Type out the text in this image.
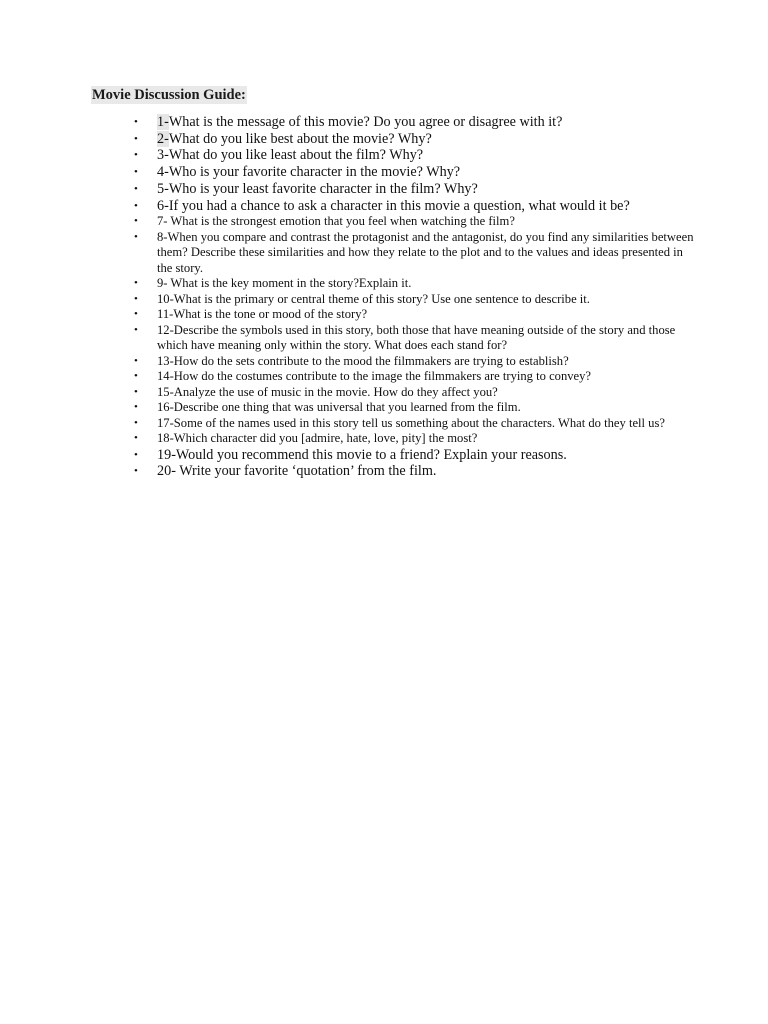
Movie Discussion Guide:
• 1-What is the message of this movie? Do you agree or disagree with it?
• 2-What do you like best about the movie? Why?
• 3-What do you like least about the film? Why?
• 4-Who is your favorite character in the movie? Why?
• 5-Who is your least favorite character in the film? Why?
• 6-If you had a chance to ask a character in this movie a question, what would it be?
• 7- What is the strongest emotion that you feel when watching the film?
• 8-When you compare and contrast the protagonist and the antagonist, do you find any similarities between them? Describe these similarities and how they relate to the plot and to the values and ideas presented in the story.
• 9- What is the key moment in the story?Explain it.
• 10-What is the primary or central theme of this story? Use one sentence to describe it.
• 11-What is the tone or mood of the story?
• 12-Describe the symbols used in this story, both those that have meaning outside of the story and those which have meaning only within the story. What does each stand for?
• 13-How do the sets contribute to the mood the filmmakers are trying to establish?
• 14-How do the costumes contribute to the image the filmmakers are trying to convey?
• 15-Analyze the use of music in the movie. How do they affect you?
• 16-Describe one thing that was universal that you learned from the film.
• 17-Some of the names used in this story tell us something about the characters. What do they tell us?
• 18-Which character did you [admire, hate, love, pity] the most?
• 19-Would you recommend this movie to a friend? Explain your reasons.
• 20- Write your favorite ‘quotation’ from the film.
